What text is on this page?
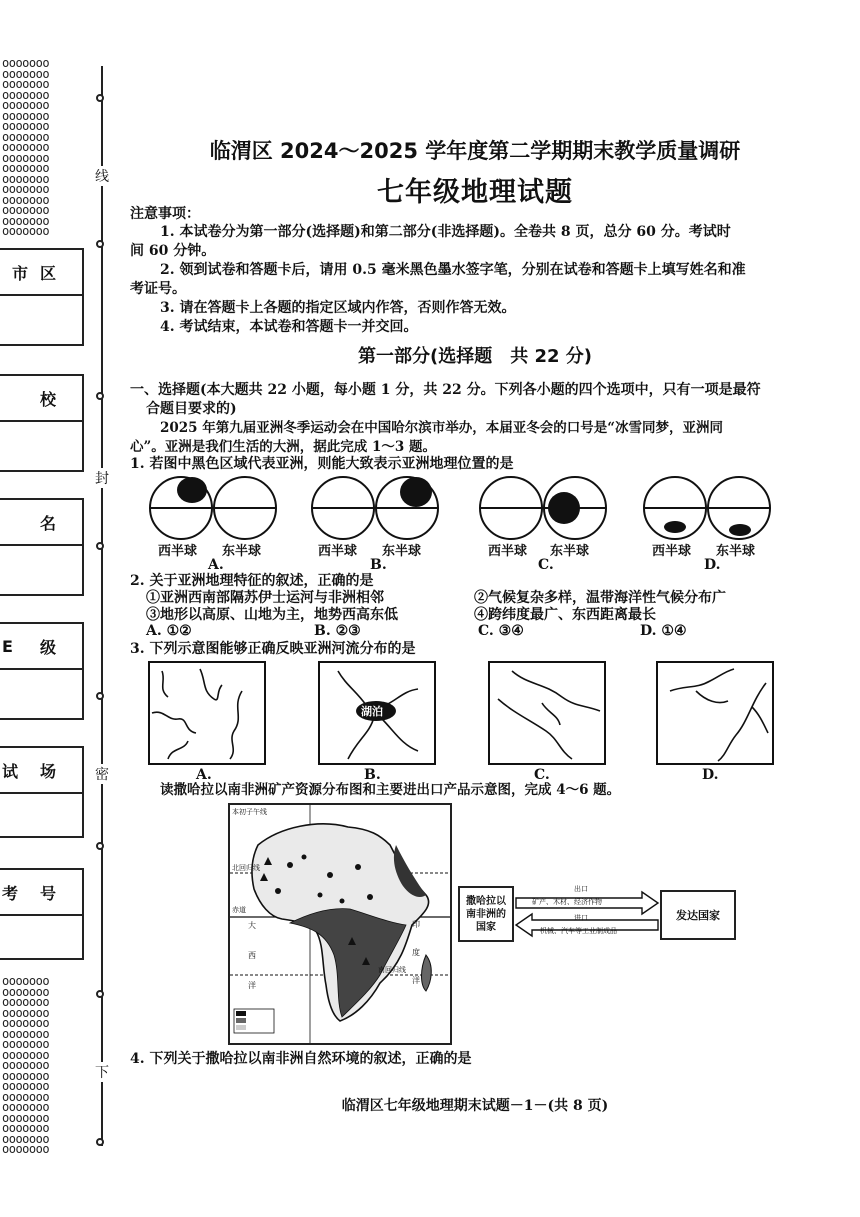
ooooooo
ooooooo
ooooooo
ooooooo
ooooooo
ooooooo
ooooooo
ooooooo
ooooooo
ooooooo
ooooooo
ooooooo
ooooooo
ooooooo
ooooooo
ooooooo
ooooooo
ooooooo
ooooooo
ooooooo
ooooooo
ooooooo
ooooooo
ooooooo
ooooooo
ooooooo
ooooooo
ooooooo
ooooooo
ooooooo
ooooooo
ooooooo
ooooooo
ooooooo
市区
校
名
E 级
试 场
考 号
线
封
密
下
临渭区 2024～2025 学年度第二学期期末教学质量调研
七年级地理试题
注意事项：
1. 本试卷分为第一部分(选择题)和第二部分(非选择题)。全卷共 8 页，总分 60 分。考试时
间 60 分钟。
2. 领到试卷和答题卡后，请用 0.5 毫米黑色墨水签字笔，分别在试卷和答题卡上填写姓名和准
考证号。
3. 请在答题卡上各题的指定区域内作答，否则作答无效。
4. 考试结束，本试卷和答题卡一并交回。
第一部分(选择题　共 22 分)
一、选择题(本大题共 22 小题，每小题 1 分，共 22 分。下列各小题的四个选项中，只有一项是最符
合题目要求的)
2025 年第九届亚洲冬季运动会在中国哈尔滨市举办，本届亚冬会的口号是“冰雪同梦，亚洲同
心”。亚洲是我们生活的大洲，据此完成 1～3 题。
1. 若图中黑色区域代表亚洲，则能大致表示亚洲地理位置的是
西半球 东半球
A.
西半球 东半球
B.
西半球 东半球
C.
西半球 东半球
D.
2. 关于亚洲地理特征的叙述，正确的是
①亚洲西南部隔苏伊士运河与非洲相邻	②气候复杂多样，温带海洋性气候分布广
③地形以高原、山地为主，地势西高东低	④跨纬度最广、东西距离最长
A. ①②	B. ②③	C. ③④	D. ①④
3. 下列示意图能够正确反映亚洲河流分布的是
A.
湖泊
B.	C.	D.
读撒哈拉以南非洲矿产资源分布图和主要进出口产品示意图，完成 4～6 题。
大西洋
赤道
印度洋
本初子午线
北回归线
南回归线
撒哈拉以南非洲的国家
发达国家
出口
矿产、木材、经济作物
进口
机械、汽车等工业制成品
4. 下列关于撒哈拉以南非洲自然环境的叙述，正确的是
临渭区七年级地理期末试题－1－(共 8 页)
